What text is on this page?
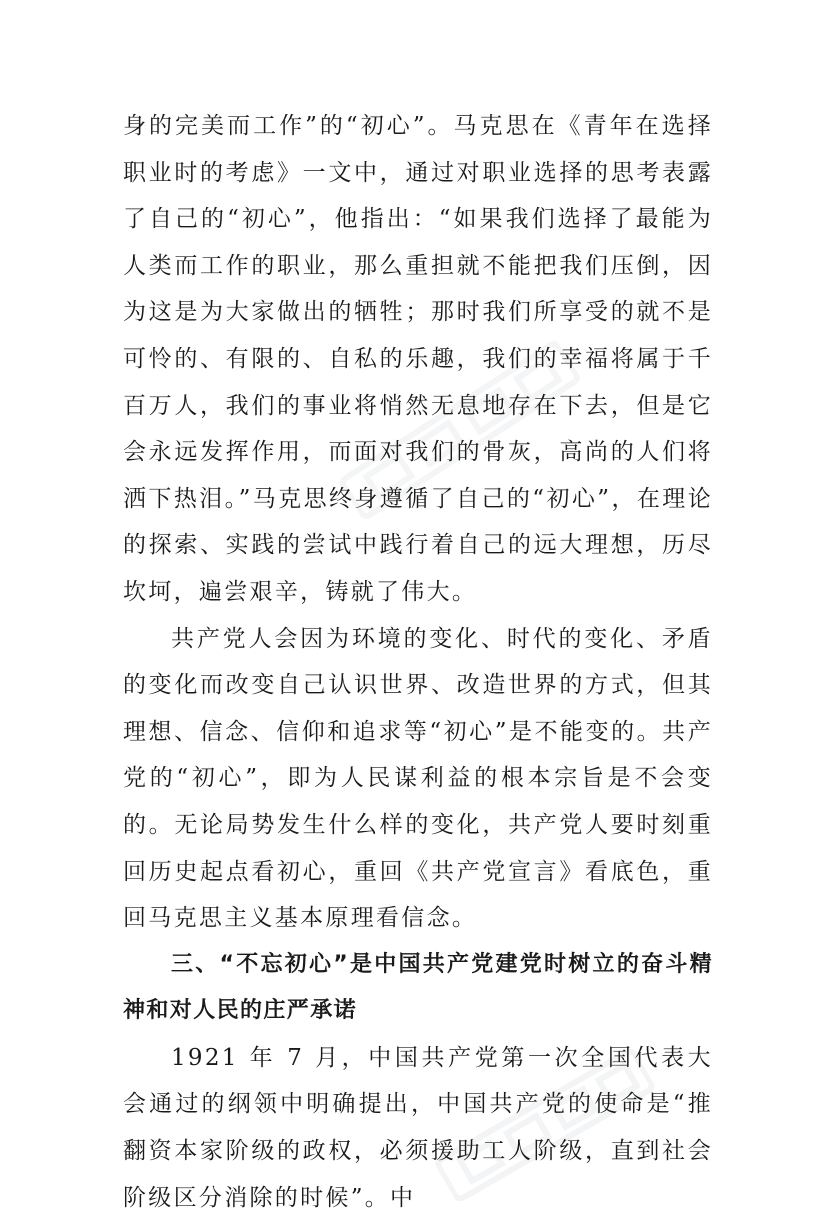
身的完美而工作”的“初心”。马克思在《青年在选择职业时的考虑》一文中，通过对职业选择的思考表露了自己的“初心”，他指出：“如果我们选择了最能为人类而工作的职业，那么重担就不能把我们压倒，因为这是为大家做出的牺牲；那时我们所享受的就不是可怜的、有限的、自私的乐趣，我们的幸福将属于千百万人，我们的事业将悄然无息地存在下去，但是它会永远发挥作用，而面对我们的骨灰，高尚的人们将洒下热泪。”马克思终身遵循了自己的“初心”，在理论的探索、实践的尝试中践行着自己的远大理想，历尽坎坷，遍尝艰辛，铸就了伟大。

共产党人会因为环境的变化、时代的变化、矛盾的变化而改变自己认识世界、改造世界的方式，但其理想、信念、信仰和追求等“初心”是不能变的。共产党的“初心”，即为人民谋利益的根本宗旨是不会变的。无论局势发生什么样的变化，共产党人要时刻重回历史起点看初心，重回《共产党宣言》看底色，重回马克思主义基本原理看信念。

三、“不忘初心”是中国共产党建党时树立的奋斗精神和对人民的庄严承诺

1921 年 7 月，中国共产党第一次全国代表大会通过的纲领中明确提出，中国共产党的使命是“推翻资本家阶级的政权，必须援助工人阶级，直到社会阶级区分消除的时候”。中
